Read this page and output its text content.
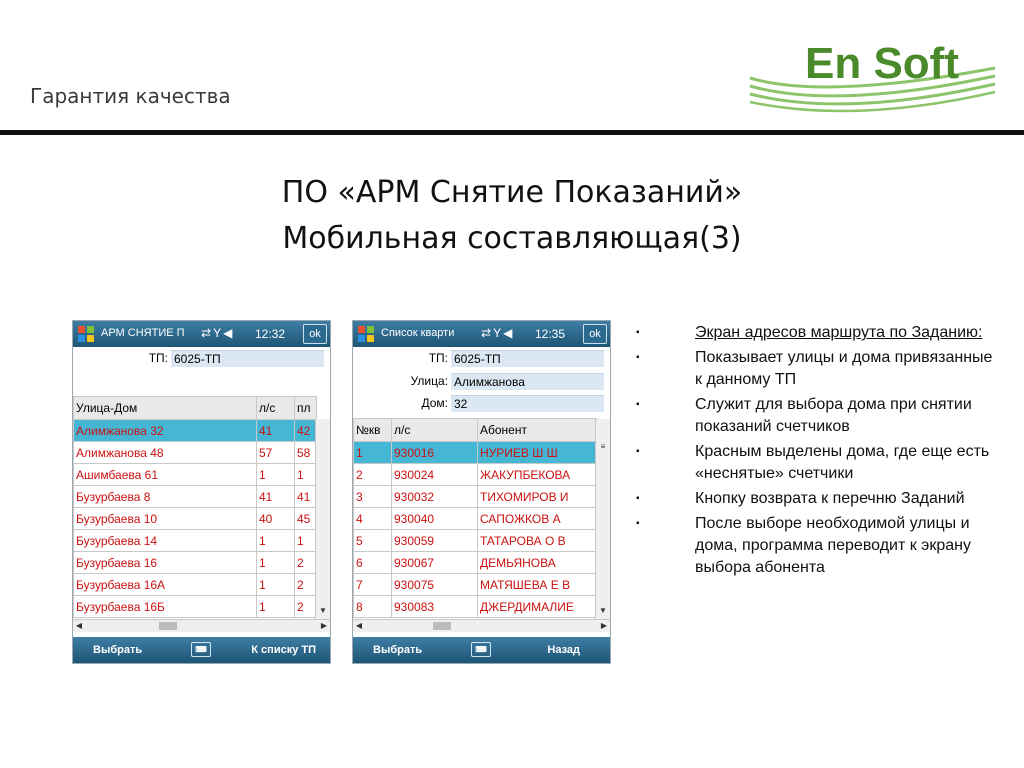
Гарантия качества
En Soft
ПО «АРМ Снятие Показаний»
Мобильная составляющая(3)
АРМ СНЯТИЕ П ⇄Y◀ 12:32	ok
ТП: 6025-ТП
Улица-Дом	л/с	пл
Алимжанова 32	41	42
Алимжанова 48	57	58
Ашимбаева 61	1	1
Бузурбаева 8	41	41
Бузурбаева 10	40	45
Бузурбаева 14	1	1
Бузурбаева 16	1	2
Бузурбаева 16А	1	2
Бузурбаева 16Б	1	2	▼
◀	▶
Выбрать	⌨	К списку ТП
Список кварти ⇄Y◀ 12:35	ok
ТП: 6025-ТП
Улица: Алимжанова
Дом: 32
№кв	л/с	Абонент
1	930016	НУРИЕВ Ш Ш
2	930024	ЖАКУПБЕКОВА
3	930032	ТИХОМИРОВ И
4	930040	САПОЖКОВ А
5	930059	ТАТАРОВА О В
6	930067	ДЕМЬЯНОВА
7	930075	МАТЯШЕВА Е В
8	930083	ДЖЕРДИМАЛИЕ
≡
▼
◀	▶
Выбрать	⌨	Назад
▪	Экран адресов маршрута по Заданию:
▪	Показывает улицы и дома привязанные к данному ТП
▪	Служит для выбора дома при снятии показаний счетчиков
▪	Красным выделены дома, где еще есть «неснятые» счетчики
▪	Кнопку возврата к перечню Заданий
▪	После выборе необходимой улицы и дома, программа переводит к экрану выбора абонента
